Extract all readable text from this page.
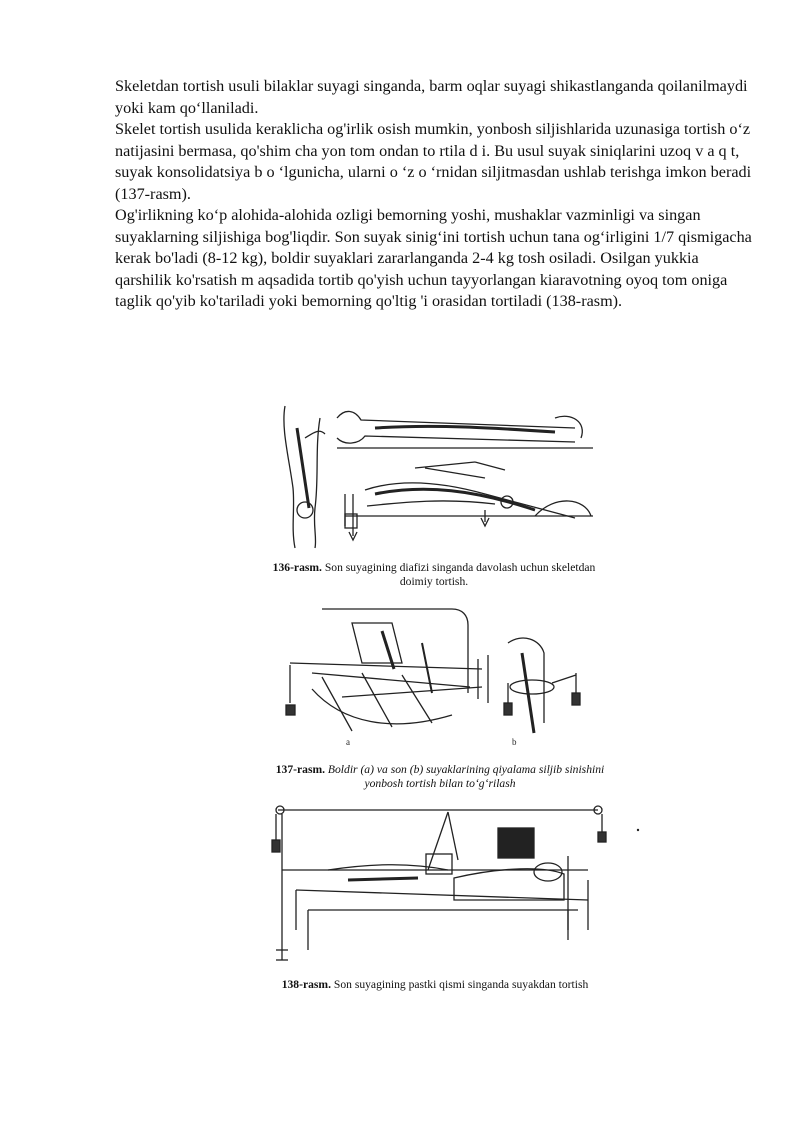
Skeletdan tortish usuli bilaklar suyagi singanda, barm oqlar suyagi shikastlanganda qoilanilmaydi yoki kam qo‘llaniladi.

Skelet tortish usulida keraklicha og'irlik osish mumkin, yonbosh siljishlarida uzunasiga tortish o‘z natijasini bermasa, qo'shim cha yon tom ondan to rtila d i. Bu usul suyak siniqlarini uzoq v a q t, suyak konsolidatsiya b o ‘lgunicha, ularni o ‘z o ‘rnidan siljitmasdan ushlab terishga imkon beradi (137-rasm).

Og'irlikning ko‘p alohida-alohida ozligi bemorning yoshi, mushaklar vazminligi va singan suyaklarning siljishiga bog'liqdir. Son suyak sinig‘ini tortish uchun tana og‘irligini 1/7 qismigacha kerak bo'ladi (8-12 kg), boldir suyaklari zararlanganda 2-4 kg tosh osiladi. Osilgan yukkia qarshilik ko'rsatish m aqsadida tortib qo'yish uchun tayyorlangan kiaravotning oyoq tom oniga taglik qo'yib ko'tariladi yoki bemorning qo'ltig 'i orasidan tortiladi (138-rasm).

136-rasm. Son suyagining diafizi singanda davolash uchun skeletdan
doimiy tortish.
a	b
137-rasm. Boldir (a) va son (b) suyaklarining qiyalama siljib sinishini
yonbosh tortish bilan to‘g‘rilash
138-rasm. Son suyagining pastki qismi singanda suyakdan tortish
